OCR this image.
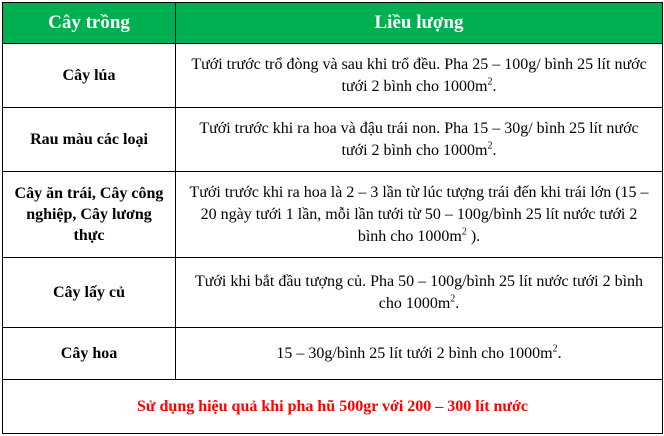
Cây trồng	Liều lượng
Cây lúa	Tưới trước trổ đòng và sau khi trổ đều. Pha 25 – 100g/ bình 25 lít nước tưới 2 bình cho $1000m^2$.
Rau màu các loại	Tưới trước khi ra hoa và đậu trái non. Pha 15 – 30g/ bình 25 lít nước tưới 2 bình cho $1000m^2$.
Cây ăn trái, Cây công nghiệp, Cây lương thực	Tưới trước khi ra hoa là 2 – 3 lần từ lúc tượng trái đến khi trái lớn (15 – 20 ngày tưới 1 lần, mỗi lần tưới từ 50 – 100g/bình 25 lít nước tưới 2 bình cho $1000m^2$ ).
Cây lấy củ	Tưới khi bắt đầu tượng củ. Pha 50 – 100g/bình 25 lít nước tưới 2 bình cho $1000m^2$.
Cây hoa	15 – 30g/bình 25 lít tưới 2 bình cho $1000m^2$.
Sử dụng hiệu quả khi pha hũ 500gr với 200 – 300 lít nước	
